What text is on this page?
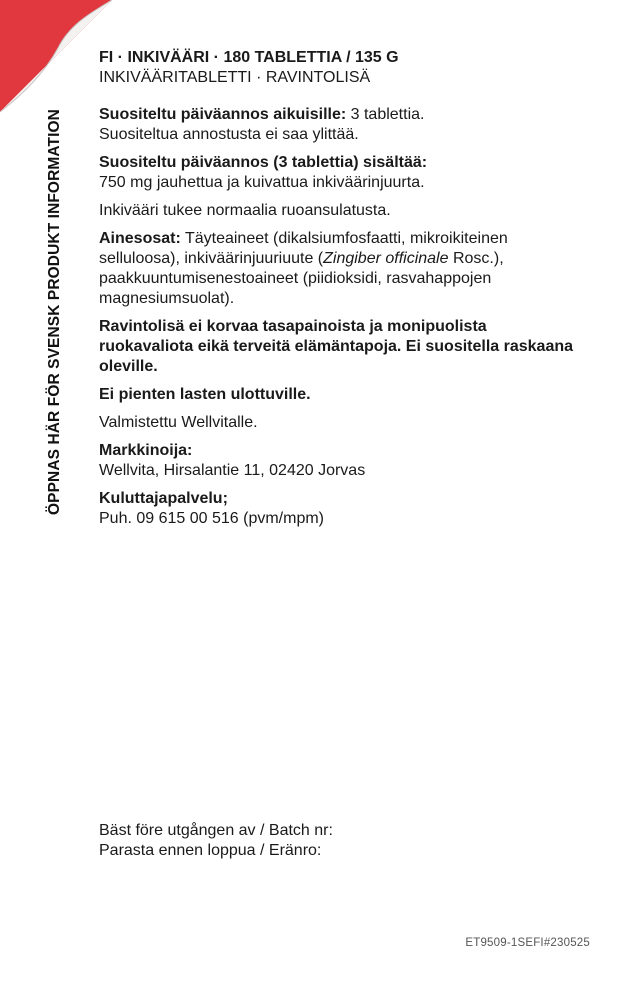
ÖPPNAS HÄR FÖR SVENSK PRODUKT INFORMATION

FI · INKIVÄÄRI · 180 TABLETTIA / 135 G

INKIVÄÄRITABLETTI · RAVINTOLISÄ

Suositeltu päiväannos aikuisille: 3 tablettia.
Suositeltua annostusta ei saa ylittää.

Suositeltu päiväannos (3 tablettia) sisältää:
750 mg jauhettua ja kuivattua inkiväärinjuurta.

Inkivääri tukee normaalia ruoansulatusta.

Ainesosat: Täyteaineet (dikalsiumfosfaatti, mikroikiteinen selluloosa), inkiväärinjuuriuute (Zingiber officinale Rosc.), paakkuuntumisenestoaineet (piidioksidi, rasvahappojen magnesiumsuolat).

Ravintolisä ei korvaa tasapainoista ja monipuolista ruokavaliota eikä terveitä elämäntapoja. Ei suositella raskaana oleville.

Ei pienten lasten ulottuville.

Valmistettu Wellvitalle.

Markkinoija:
Wellvita, Hirsalantie 11, 02420 Jorvas

Kuluttajapalvelu;
Puh. 09 615 00 516 (pvm/mpm)

Bäst före utgången av / Batch nr:
Parasta ennen loppua / Eränro:
ET9509-1SEFI#230525
